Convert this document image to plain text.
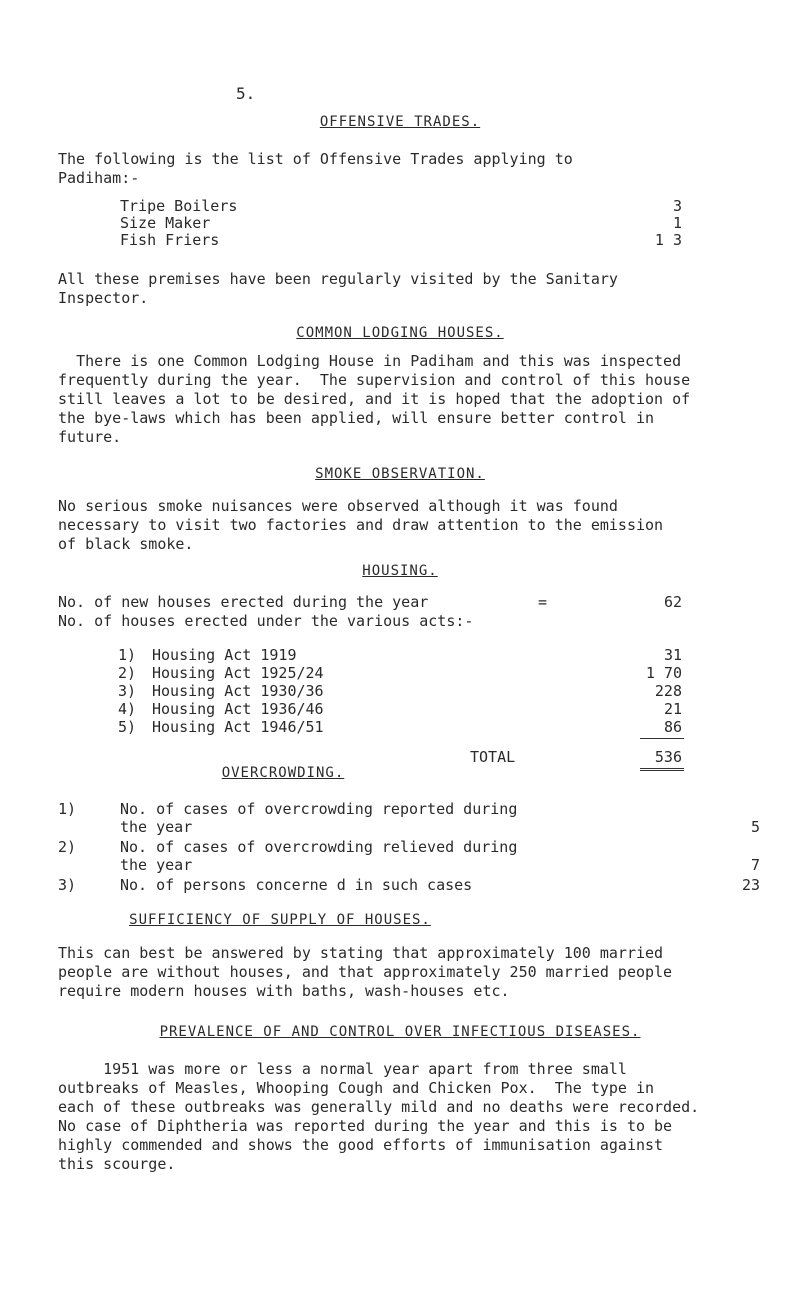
5.
OFFENSIVE TRADES.

The following is the list of Offensive Trades applying to
Padiham:-

Tripe Boilers	3
Size Maker	1
Fish Friers	1 3

All these premises have been regularly visited by the Sanitary
Inspector.

COMMON LODGING HOUSES.

There is one Common Lodging House in Padiham and this was inspected
frequently during the year.  The supervision and control of this house
still leaves a lot to be desired, and it is hoped that the adoption of
the bye-laws which has been applied, will ensure better control in
future.

SMOKE OBSERVATION.

No serious smoke nuisances were observed although it was found
necessary to visit two factories and draw attention to the emission
of black smoke.

HOUSING.
No. of new houses erected during the year	=	62
No. of houses erected under the various acts:-
1) Housing Act 1919	31
2) Housing Act 1925/24	1 70
3) Housing Act 1930/36	228
4) Housing Act 1936/46	21
5) Housing Act 1946/51	86
TOTAL	536
OVERCROWDING.
1)	No. of cases of overcrowding reported during
the year	5
2)	No. of cases of overcrowding relieved during
the year	7
3)	No. of persons concerne d in such cases	23
SUFFICIENCY OF SUPPLY OF HOUSES.

This can best be answered by stating that approximately 100 married
people are without houses, and that approximately 250 married people
require modern houses with baths, wash-houses etc.

PREVALENCE OF AND CONTROL OVER INFECTIOUS DISEASES.

1951 was more or less a normal year apart from three small
outbreaks of Measles, Whooping Cough and Chicken Pox.  The type in
each of these outbreaks was generally mild and no deaths were recorded.
No case of Diphtheria was reported during the year and this is to be
highly commended and shows the good efforts of immunisation against
this scourge.
